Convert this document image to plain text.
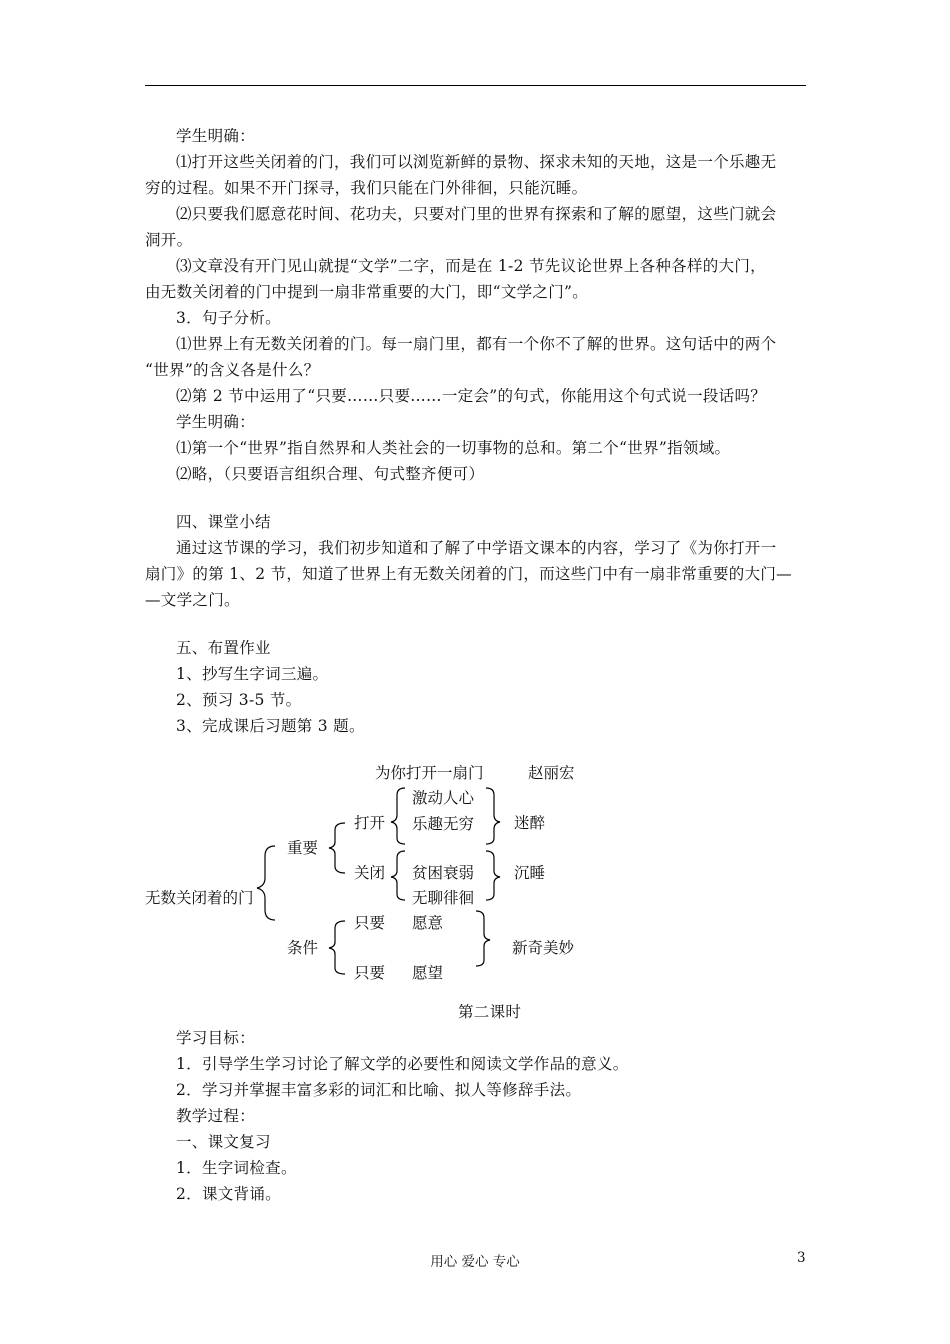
学生明确：
⑴打开这些关闭着的门，我们可以浏览新鲜的景物、探求未知的天地，这是一个乐趣无
穷的过程。如果不开门探寻，我们只能在门外徘徊，只能沉睡。
⑵只要我们愿意花时间、花功夫，只要对门里的世界有探索和了解的愿望，这些门就会
洞开。
⑶文章没有开门见山就提“文学”二字，而是在 1-2 节先议论世界上各种各样的大门，
由无数关闭着的门中提到一扇非常重要的大门，即“文学之门”。
3．句子分析。
⑴世界上有无数关闭着的门。每一扇门里，都有一个你不了解的世界。这句话中的两个
“世界”的含义各是什么？
⑵第 2 节中运用了“只要……只要……一定会”的句式，你能用这个句式说一段话吗？
学生明确：
⑴第一个“世界”指自然界和人类社会的一切事物的总和。第二个“世界”指领域。
⑵略，（只要语言组织合理、句式整齐便可）
四、课堂小结
通过这节课的学习，我们初步知道和了解了中学语文课本的内容，学习了《为你打开一
扇门》的第 1、2 节，知道了世界上有无数关闭着的门，而这些门中有一扇非常重要的大门—
—文学之门。
五、布置作业
1、抄写生字词三遍。
2、预习 3-5 节。
3、完成课后习题第 3 题。
为你打开一扇门	赵丽宏
无数关闭着的门
重要
打开
激动人心
乐趣无穷	迷醉
关闭 贫困衰弱
无聊徘徊
沉睡
条件
只要 愿意
只要 愿望
新奇美妙
第二课时
学习目标：
1．引导学生学习讨论了解文学的必要性和阅读文学作品的意义。
2．学习并掌握丰富多彩的词汇和比喻、拟人等修辞手法。
教学过程：
一、课文复习
1．生字词检查。
2．课文背诵。
用心 爱心 专心	3
